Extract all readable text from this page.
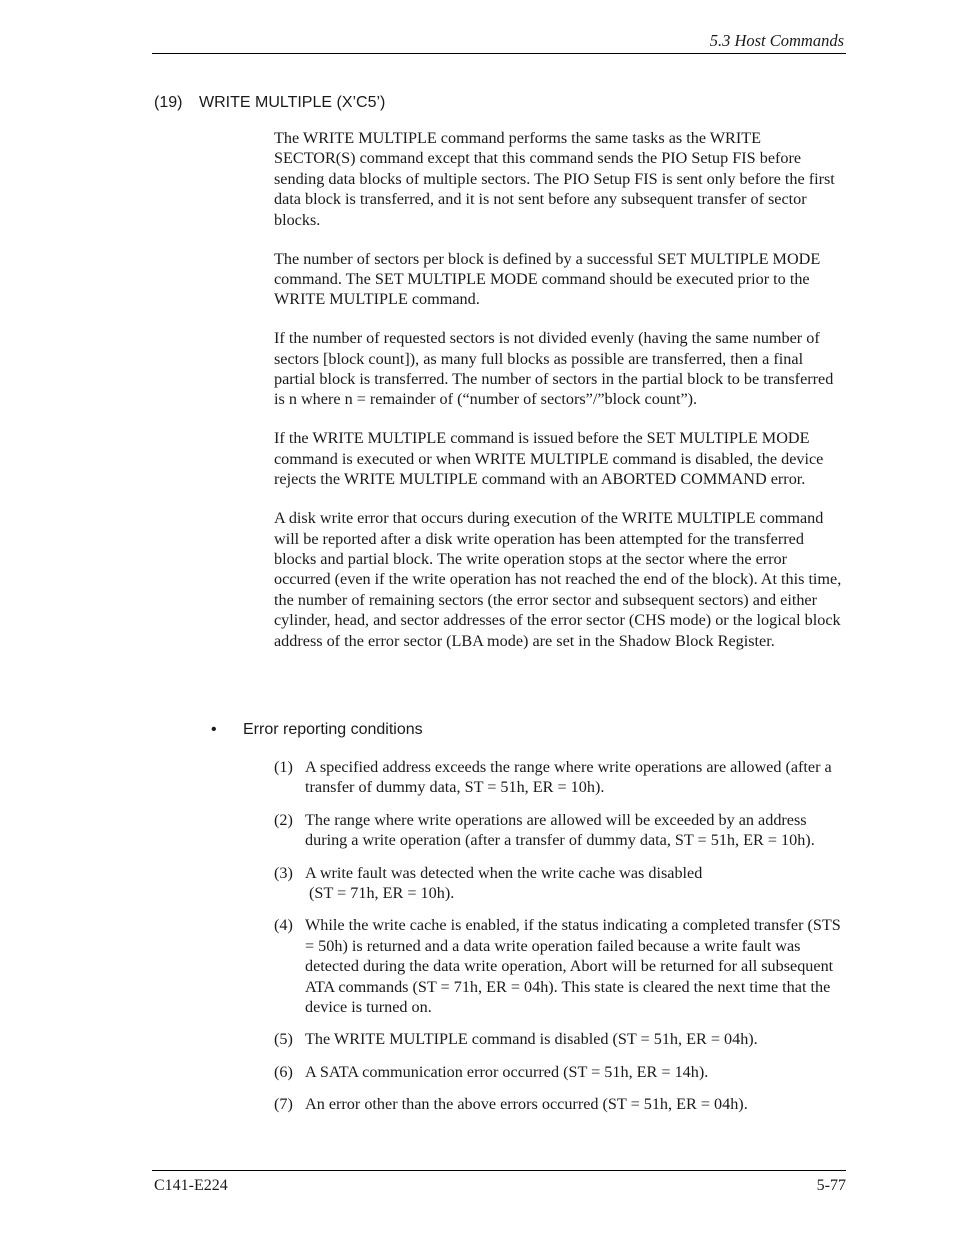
5.3 Host Commands
(19) WRITE MULTIPLE (X’C5’)

The WRITE MULTIPLE command performs the same tasks as the WRITE SECTOR(S) command except that this command sends the PIO Setup FIS before sending data blocks of multiple sectors. The PIO Setup FIS is sent only before the first data block is transferred, and it is not sent before any subsequent transfer of sector blocks.

The number of sectors per block is defined by a successful SET MULTIPLE MODE command. The SET MULTIPLE MODE command should be executed prior to the WRITE MULTIPLE command.

If the number of requested sectors is not divided evenly (having the same number of sectors [block count]), as many full blocks as possible are transferred, then a final partial block is transferred. The number of sectors in the partial block to be transferred is n where n = remainder of (“number of sectors”/”block count”).

If the WRITE MULTIPLE command is issued before the SET MULTIPLE MODE command is executed or when WRITE MULTIPLE command is disabled, the device rejects the WRITE MULTIPLE command with an ABORTED COMMAND error.

A disk write error that occurs during execution of the WRITE MULTIPLE command will be reported after a disk write operation has been attempted for the transferred blocks and partial block. The write operation stops at the sector where the error occurred (even if the write operation has not reached the end of the block). At this time, the number of remaining sectors (the error sector and subsequent sectors) and either cylinder, head, and sector addresses of the error sector (CHS mode) or the logical block address of the error sector (LBA mode) are set in the Shadow Block Register.

• Error reporting conditions
(1) A specified address exceeds the range where write operations are allowed (after a transfer of dummy data, ST = 51h, ER = 10h).
(2) The range where write operations are allowed will be exceeded by an address during a write operation (after a transfer of dummy data, ST = 51h, ER = 10h).
(3) A write fault was detected when the write cache was disabled
(ST = 71h, ER = 10h).
(4) While the write cache is enabled, if the status indicating a completed transfer (STS = 50h) is returned and a data write operation failed because a write fault was detected during the data write operation, Abort will be returned for all subsequent ATA commands (ST = 71h, ER = 04h). This state is cleared the next time that the device is turned on.
(5) The WRITE MULTIPLE command is disabled (ST = 51h, ER = 04h).
(6) A SATA communication error occurred (ST = 51h, ER = 14h).
(7) An error other than the above errors occurred (ST = 51h, ER = 04h).
C141-E224	5-77
